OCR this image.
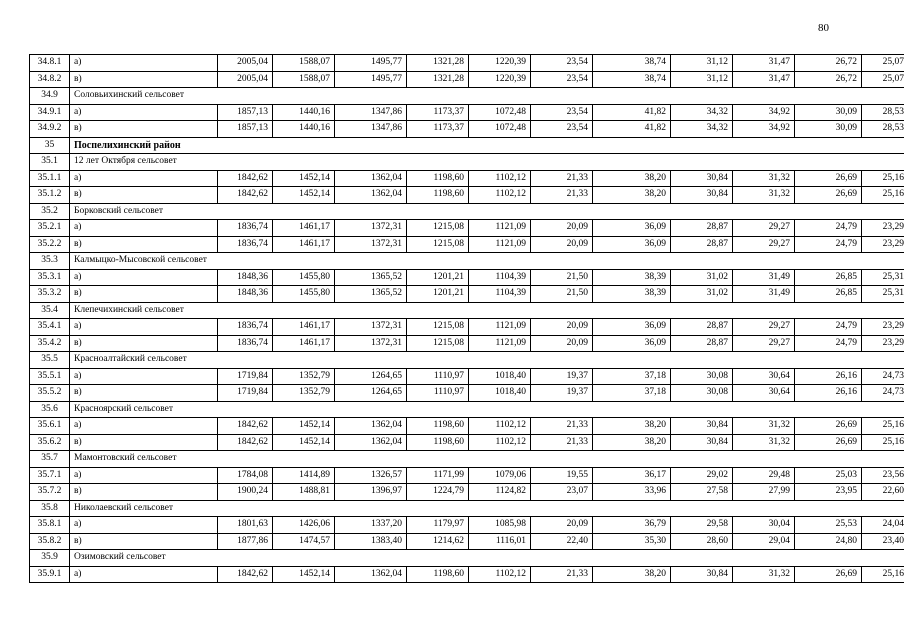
80
34.8.1	а)	2005,04	1588,07	1495,77	1321,28	1220,39	23,54	38,74	31,12	31,47	26,72	25,07
34.8.2	в)	2005,04	1588,07	1495,77	1321,28	1220,39	23,54	38,74	31,12	31,47	26,72	25,07
34.9	Соловьихинский сельсовет											
34.9.1	а)	1857,13	1440,16	1347,86	1173,37	1072,48	23,54	41,82	34,32	34,92	30,09	28,53
34.9.2	в)	1857,13	1440,16	1347,86	1173,37	1072,48	23,54	41,82	34,32	34,92	30,09	28,53
35	Поспелихинский район											
35.1	12 лет Октября сельсовет											
35.1.1	а)	1842,62	1452,14	1362,04	1198,60	1102,12	21,33	38,20	30,84	31,32	26,69	25,16
35.1.2	в)	1842,62	1452,14	1362,04	1198,60	1102,12	21,33	38,20	30,84	31,32	26,69	25,16
35.2	Борковский сельсовет											
35.2.1	а)	1836,74	1461,17	1372,31	1215,08	1121,09	20,09	36,09	28,87	29,27	24,79	23,29
35.2.2	в)	1836,74	1461,17	1372,31	1215,08	1121,09	20,09	36,09	28,87	29,27	24,79	23,29
35.3	Калмыцко-Мысовской сельсовет											
35.3.1	а)	1848,36	1455,80	1365,52	1201,21	1104,39	21,50	38,39	31,02	31,49	26,85	25,31
35.3.2	в)	1848,36	1455,80	1365,52	1201,21	1104,39	21,50	38,39	31,02	31,49	26,85	25,31
35.4	Клепечихинский сельсовет											
35.4.1	а)	1836,74	1461,17	1372,31	1215,08	1121,09	20,09	36,09	28,87	29,27	24,79	23,29
35.4.2	в)	1836,74	1461,17	1372,31	1215,08	1121,09	20,09	36,09	28,87	29,27	24,79	23,29
35.5	Красноалтайский сельсовет											
35.5.1	а)	1719,84	1352,79	1264,65	1110,97	1018,40	19,37	37,18	30,08	30,64	26,16	24,73
35.5.2	в)	1719,84	1352,79	1264,65	1110,97	1018,40	19,37	37,18	30,08	30,64	26,16	24,73
35.6	Красноярский сельсовет											
35.6.1	а)	1842,62	1452,14	1362,04	1198,60	1102,12	21,33	38,20	30,84	31,32	26,69	25,16
35.6.2	в)	1842,62	1452,14	1362,04	1198,60	1102,12	21,33	38,20	30,84	31,32	26,69	25,16
35.7	Мамонтовский сельсовет											
35.7.1	а)	1784,08	1414,89	1326,57	1171,99	1079,06	19,55	36,17	29,02	29,48	25,03	23,56
35.7.2	в)	1900,24	1488,81	1396,97	1224,79	1124,82	23,07	33,96	27,58	27,99	23,95	22,60
35.8	Николаевский сельсовет											
35.8.1	а)	1801,63	1426,06	1337,20	1179,97	1085,98	20,09	36,79	29,58	30,04	25,53	24,04
35.8.2	в)	1877,86	1474,57	1383,40	1214,62	1116,01	22,40	35,30	28,60	29,04	24,80	23,40
35.9	Озимовский сельсовет											
35.9.1	а)	1842,62	1452,14	1362,04	1198,60	1102,12	21,33	38,20	30,84	31,32	26,69	25,16
